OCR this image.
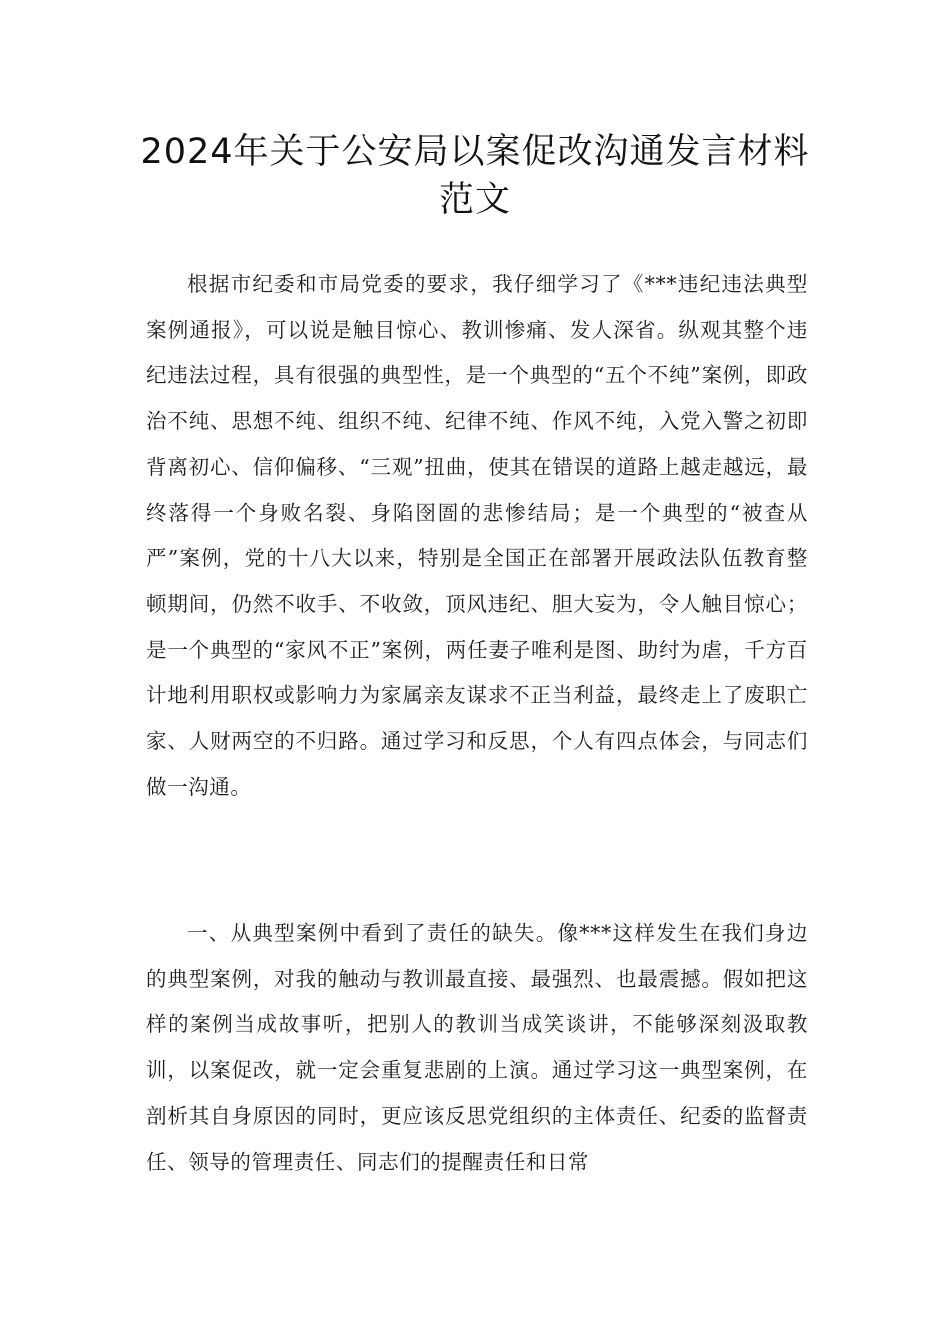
2024年关于公安局以案促改沟通发言材料范文

根据市纪委和市局党委的要求，我仔细学习了《***违纪违法典型案例通报》，可以说是触目惊心、教训惨痛、发人深省。纵观其整个违纪违法过程，具有很强的典型性，是一个典型的“五个不纯”案例，即政治不纯、思想不纯、组织不纯、纪律不纯、作风不纯，入党入警之初即背离初心、信仰偏移、“三观”扭曲，使其在错误的道路上越走越远，最终落得一个身败名裂、身陷囹圄的悲惨结局；是一个典型的“被查从严”案例，党的十八大以来，特别是全国正在部署开展政法队伍教育整顿期间，仍然不收手、不收敛，顶风违纪、胆大妄为，令人触目惊心；是一个典型的“家风不正”案例，两任妻子唯利是图、助纣为虐，千方百计地利用职权或影响力为家属亲友谋求不正当利益，最终走上了废职亡家、人财两空的不归路。通过学习和反思，个人有四点体会，与同志们做一沟通。

一、从典型案例中看到了责任的缺失。像***这样发生在我们身边的典型案例，对我的触动与教训最直接、最强烈、也最震撼。假如把这样的案例当成故事听，把别人的教训当成笑谈讲，不能够深刻汲取教训，以案促改，就一定会重复悲剧的上演。通过学习这一典型案例，在剖析其自身原因的同时，更应该反思党组织的主体责任、纪委的监督责任、领导的管理责任、同志们的提醒责任和日常
